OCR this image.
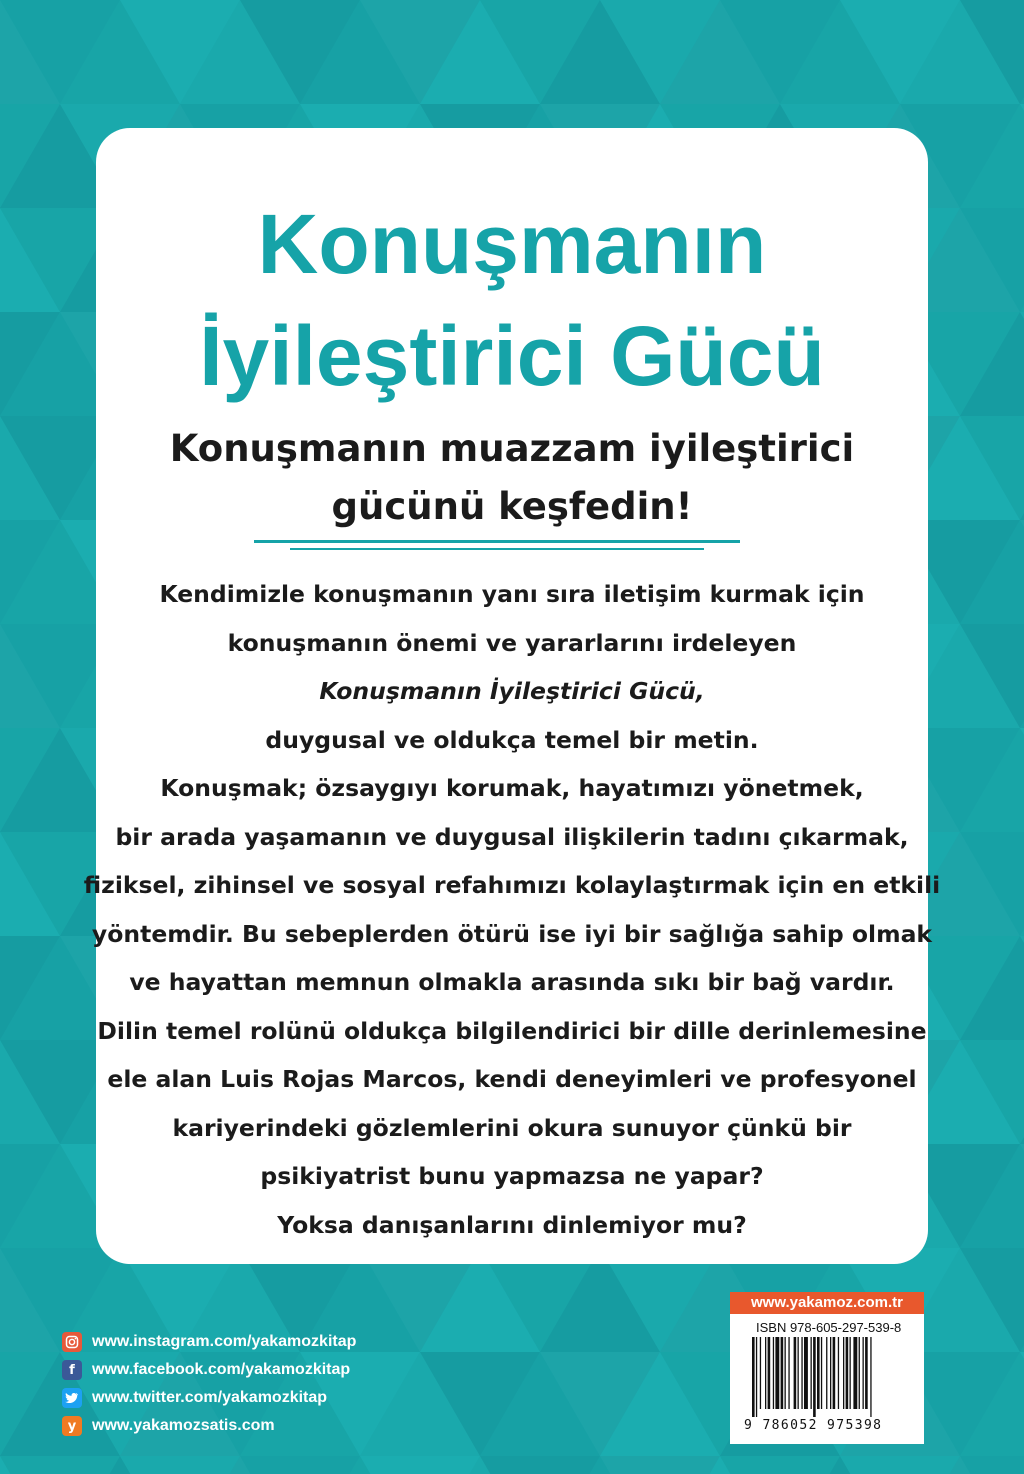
Konuşmanın
İyileştirici Gücü
Konuşmanın muazzam iyileştirici
gücünü keşfedin!
Kendimizle konuşmanın yanı sıra iletişim kurmak için
konuşmanın önemi ve yararlarını irdeleyen
Konuşmanın İyileştirici Gücü,
duygusal ve oldukça temel bir metin.
Konuşmak; özsaygıyı korumak, hayatımızı yönetmek,
bir arada yaşamanın ve duygusal ilişkilerin tadını çıkarmak,
fiziksel, zihinsel ve sosyal refahımızı kolaylaştırmak için en etkili
yöntemdir. Bu sebeplerden ötürü ise iyi bir sağlığa sahip olmak
ve hayattan memnun olmakla arasında sıkı bir bağ vardır.
Dilin temel rolünü oldukça bilgilendirici bir dille derinlemesine
ele alan Luis Rojas Marcos, kendi deneyimleri ve profesyonel
kariyerindeki gözlemlerini okura sunuyor çünkü bir
psikiyatrist bunu yapmazsa ne yapar?
Yoksa danışanlarını dinlemiyor mu?
www.instagram.com/yakamozkitap
f	www.facebook.com/yakamozkitap
www.twitter.com/yakamozkitap
y www.yakamozsatis.com
www.yakamoz.com.tr
ISBN 978-605-297-539-8
9 786052 975398
